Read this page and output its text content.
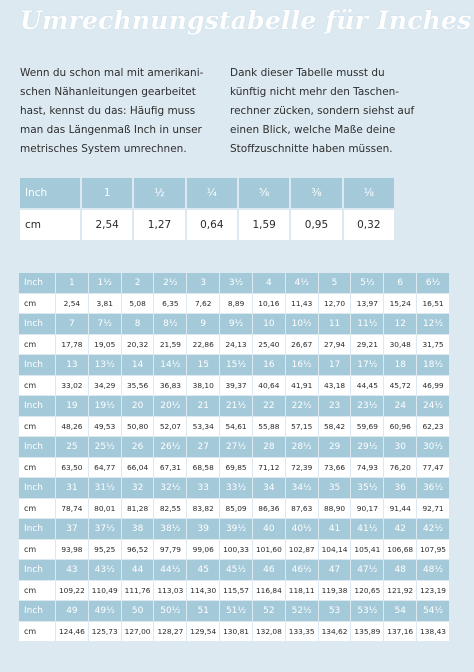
Umrechnungstabelle für Inches
Wenn du schon mal mit amerikani-
schen Nähanleitungen gearbeitet
hast, kennst du das: Häufig muss
man das Längenmaß Inch in unser
metrisches System umrechnen.
Dank dieser Tabelle musst du
künftig nicht mehr den Taschen-
rechner zücken, sondern siehst auf
einen Blick, welche Maße deine
Stoffzuschnitte haben müssen.
Inch	1	½	¼	⅝	⅜	⅛
cm	2,54	1,27	0,64	1,59	0,95	0,32
Inch	1	1½	2	2½	3	3½	4	4½	5	5½	6	6½
cm	2,54	3,81	5,08	6,35	7,62	8,89	10,16	11,43	12,70	13,97	15,24	16,51
Inch	7	7½	8	8½	9	9½	10	10½	11	11½	12	12½
cm	17,78	19,05	20,32	21,59	22,86	24,13	25,40	26,67	27,94	29,21	30,48	31,75
Inch	13	13½	14	14½	15	15½	16	16½	17	17½	18	18½
cm	33,02	34,29	35,56	36,83	38,10	39,37	40,64	41,91	43,18	44,45	45,72	46,99
Inch	19	19½	20	20½	21	21½	22	22½	23	23½	24	24½
cm	48,26	49,53	50,80	52,07	53,34	54,61	55,88	57,15	58,42	59,69	60,96	62,23
Inch	25	25½	26	26½	27	27½	28	28½	29	29½	30	30½
cm	63,50	64,77	66,04	67,31	68,58	69,85	71,12	72,39	73,66	74,93	76,20	77,47
Inch	31	31½	32	32½	33	33½	34	34½	35	35½	36	36½
cm	78,74	80,01	81,28	82,55	83,82	85,09	86,36	87,63	88,90	90,17	91,44	92,71
Inch	37	37½	38	38½	39	39½	40	40½	41	41½	42	42½
cm	93,98	95,25	96,52	97,79	99,06	100,33	101,60	102,87	104,14	105,41	106,68	107,95
Inch	43	43½	44	44½	45	45½	46	46½	47	47½	48	48½
cm	109,22	110,49	111,76	113,03	114,30	115,57	116,84	118,11	119,38	120,65	121,92	123,19
Inch	49	49½	50	50½	51	51½	52	52½	53	53½	54	54½
cm	124,46	125,73	127,00	128,27	129,54	130,81	132,08	133,35	134,62	135,89	137,16	138,43
